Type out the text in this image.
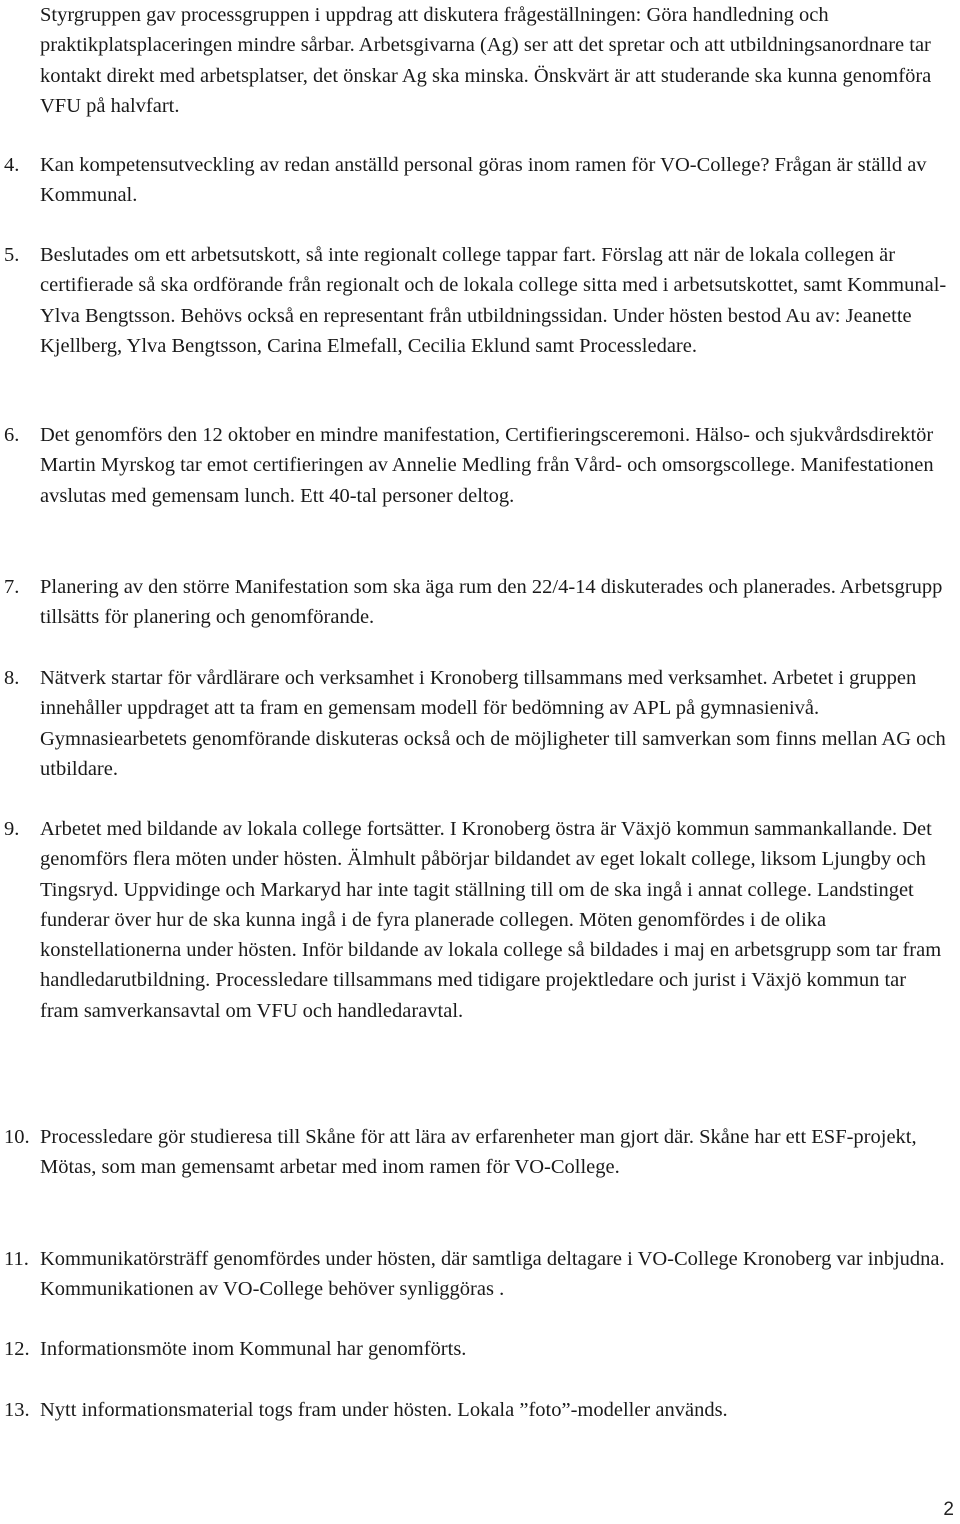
Styrgruppen gav processgruppen i uppdrag att diskutera frågeställningen: Göra handledning och praktikplatsplaceringen mindre sårbar. Arbetsgivarna (Ag) ser att det spretar och att utbildningsanordnare tar kontakt direkt med arbetsplatser, det önskar Ag ska minska. Önskvärt är att studerande ska kunna genomföra VFU på halvfart.

4.	Kan kompetensutveckling av redan anställd personal göras inom ramen för VO-College? Frågan är ställd av Kommunal.

5.	Beslutades om ett arbetsutskott, så inte regionalt college tappar fart. Förslag att när de lokala collegen är certifierade så ska ordförande från regionalt och de lokala college sitta med i arbetsutskottet, samt Kommunal- Ylva Bengtsson. Behövs också en representant från utbildningssidan. Under hösten bestod Au av: Jeanette Kjellberg, Ylva Bengtsson, Carina Elmefall, Cecilia Eklund samt Processledare.

6.	Det genomförs den 12 oktober en mindre manifestation, Certifieringsceremoni. Hälso- och sjukvårdsdirektör Martin Myrskog tar emot certifieringen av Annelie Medling från Vård- och omsorgscollege. Manifestationen avslutas med gemensam lunch. Ett 40-tal personer deltog.

7.	Planering av den större Manifestation som ska äga rum den 22/4-14 diskuterades och planerades. Arbetsgrupp tillsätts för planering och genomförande.

8.	Nätverk startar för vårdlärare och verksamhet i Kronoberg tillsammans med verksamhet. Arbetet i gruppen innehåller uppdraget att ta fram en gemensam modell för bedömning av APL på gymnasienivå. Gymnasiearbetets genomförande diskuteras också och de möjligheter till samverkan som finns mellan AG och utbildare.

9.	Arbetet med bildande av lokala college fortsätter. I Kronoberg östra är Växjö kommun sammankallande. Det genomförs flera möten under hösten. Älmhult påbörjar bildandet av eget lokalt college, liksom Ljungby och Tingsryd. Uppvidinge och Markaryd har inte tagit ställning till om de ska ingå i annat college. Landstinget funderar över hur de ska kunna ingå i de fyra planerade collegen. Möten genomfördes i de olika konstellationerna under hösten. Inför bildande av lokala college så bildades i maj en arbetsgrupp som tar fram handledarutbildning. Processledare tillsammans med tidigare projektledare och jurist i Växjö kommun tar fram samverkansavtal om VFU och handledaravtal.

10. Processledare gör studieresa till Skåne för att lära av erfarenheter man gjort där. Skåne har ett ESF-projekt, Mötas, som man gemensamt arbetar med inom ramen för VO-College.

11. Kommunikatörsträff genomfördes under hösten, där samtliga deltagare i VO-College Kronoberg var inbjudna. Kommunikationen av VO-College behöver synliggöras .

12. Informationsmöte inom Kommunal har genomförts.

13. Nytt informationsmaterial togs fram under hösten. Lokala ”foto”-modeller används.

2
